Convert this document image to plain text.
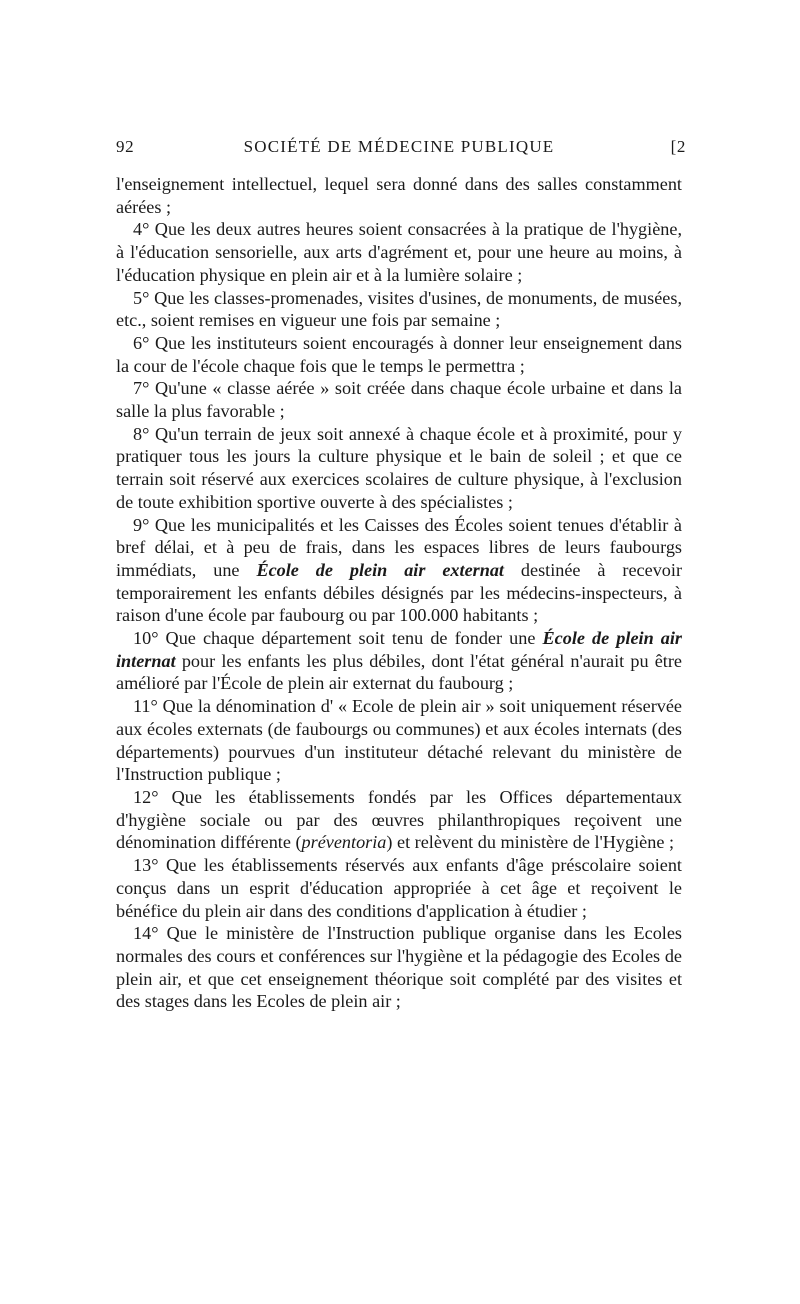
92	SOCIÉTÉ DE MÉDECINE PUBLIQUE	[2

l'enseignement intellectuel, lequel sera donné dans des salles constamment aérées ;

4° Que les deux autres heures soient consacrées à la pratique de l'hygiène, à l'éducation sensorielle, aux arts d'agrément et, pour une heure au moins, à l'éducation physique en plein air et à la lumière solaire ;

5° Que les classes-promenades, visites d'usines, de monuments, de musées, etc., soient remises en vigueur une fois par semaine ;

6° Que les instituteurs soient encouragés à donner leur enseignement dans la cour de l'école chaque fois que le temps le permettra ;

7° Qu'une « classe aérée » soit créée dans chaque école urbaine et dans la salle la plus favorable ;

8° Qu'un terrain de jeux soit annexé à chaque école et à proximité, pour y pratiquer tous les jours la culture physique et le bain de soleil ; et que ce terrain soit réservé aux exercices scolaires de culture physique, à l'exclusion de toute exhibition sportive ouverte à des spécialistes ;

9° Que les municipalités et les Caisses des Écoles soient tenues d'établir à bref délai, et à peu de frais, dans les espaces libres de leurs faubourgs immédiats, une École de plein air externat destinée à recevoir temporairement les enfants débiles désignés par les médecins-inspecteurs, à raison d'une école par faubourg ou par 100.000 habitants ;

10° Que chaque département soit tenu de fonder une École de plein air internat pour les enfants les plus débiles, dont l'état général n'aurait pu être amélioré par l'École de plein air externat du faubourg ;

11° Que la dénomination d' « Ecole de plein air » soit uniquement réservée aux écoles externats (de faubourgs ou communes) et aux écoles internats (des départements) pourvues d'un instituteur détaché relevant du ministère de l'Instruction publique ;

12° Que les établissements fondés par les Offices départementaux d'hygiène sociale ou par des œuvres philanthropiques reçoivent une dénomination différente (préventoria) et relèvent du ministère de l'Hygiène ;

13° Que les établissements réservés aux enfants d'âge préscolaire soient conçus dans un esprit d'éducation appropriée à cet âge et reçoivent le bénéfice du plein air dans des conditions d'application à étudier ;

14° Que le ministère de l'Instruction publique organise dans les Ecoles normales des cours et conférences sur l'hygiène et la pédagogie des Ecoles de plein air, et que cet enseignement théorique soit complété par des visites et des stages dans les Ecoles de plein air ;
